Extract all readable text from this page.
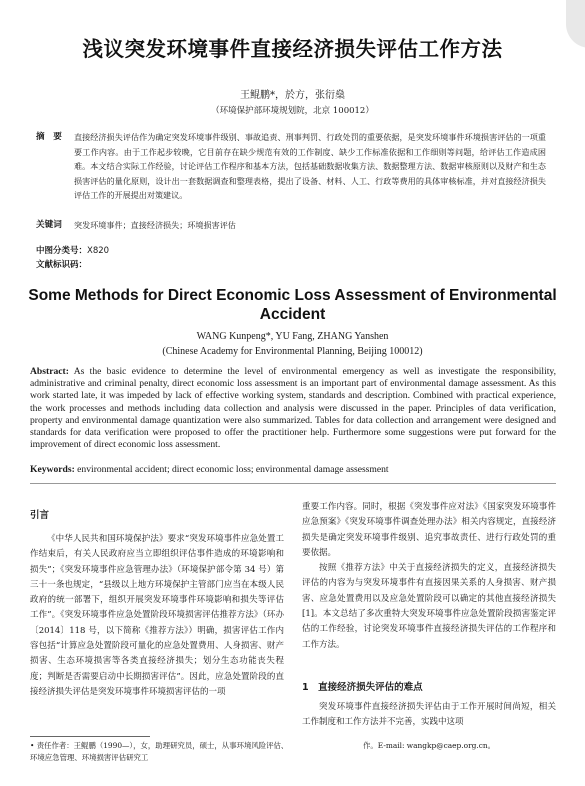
浅议突发环境事件直接经济损失评估工作方法
王鲲鹏*，於方，张衍燊
（环境保护部环境规划院，北京 100012）
摘　要 直接经济损失评估作为确定突发环境事件级别、事故追责、刑事判罚、行政处罚的重要依据，是突发环境事件环境损害评估的一项重要工作内容。由于工作起步较晚，它目前存在缺少规范有效的工作制度、缺少工作标准依据和工作细则等问题，给评估工作造成困难。本文结合实际工作经验，讨论评估工作程序和基本方法，包括基础数据收集方法、数据整理方法、数据审核原则以及财产和生态损害评估的量化原则，设计出一套数据调查和整理表格，提出了设备、材料、人工、行政等费用的具体审核标准，并对直接经济损失评估工作的开展提出对策建议。
关键词 突发环境事件；直接经济损失；环境损害评估
中图分类号：X820
文献标识码：
Some Methods for Direct Economic Loss Assessment of Environmental Accident
WANG Kunpeng*, YU Fang, ZHANG Yanshen
(Chinese Academy for Environmental Planning, Beijing 100012)
Abstract: As the basic evidence to determine the level of environmental emergency as well as investigate the responsibility, administrative and criminal penalty, direct economic loss assessment is an important part of environmental damage assessment. As this work started late, it was impeded by lack of effective working system, standards and description. Combined with practical experience, the work processes and methods including data collection and analysis were discussed in the paper. Principles of data verification, property and environmental damage quantization were also summarized. Tables for data collection and arrangement were designed and standards for data verification were proposed to offer the practitioner help. Furthermore some suggestions were put forward for the improvement of direct economic loss assessment.
Keywords: environmental accident; direct economic loss; environmental damage assessment
引言

《中华人民共和国环境保护法》要求“突发环境事件应急处置工作结束后，有关人民政府应当立即组织评估事件造成的环境影响和损失”；《突发环境事件应急管理办法》（环境保护部令第 34 号）第三十一条也规定，“县级以上地方环境保护主管部门应当在本级人民政府的统一部署下，组织开展突发环境事件环境影响和损失等评估工作”。《突发环境事件应急处置阶段环境损害评估推荐方法》（环办〔2014〕118 号，以下简称《推荐方法》）明确，损害评估工作内容包括“计算应急处置阶段可量化的应急处置费用、人身损害、财产损害、生态环境损害等各类直接经济损失；划分生态功能丧失程度；判断是否需要启动中长期损害评估”。因此，应急处置阶段的直接经济损失评估是突发环境事件环境损害评估的一项

重要工作内容。同时，根据《突发事件应对法》《国家突发环境事件应急预案》《突发环境事件调查处理办法》相关内容规定，直接经济损失是确定突发环境事件级别、追究事故责任、进行行政处罚的重要依据。

按照《推荐方法》中关于直接经济损失的定义，直接经济损失评估的内容为与突发环境事件有直接因果关系的人身损害、财产损害、应急处置费用以及应急处置阶段可以确定的其他直接经济损失 [1]。本文总结了多次重特大突发环境事件应急处置阶段损害鉴定评估的工作经验，讨论突发环境事件直接经济损失评估的工作程序和工作方法。

1　直接经济损失评估的难点

突发环境事件直接经济损失评估由于工作开展时间尚短，相关工作制度和工作方法并不完善，实践中这项

• 责任作者：王鲲鹏（1990—），女，助理研究员，硕士，从事环境风险评估、环境应急管理、环境损害评估研究工
作。E-mail: wangkp@caep.org.cn。
